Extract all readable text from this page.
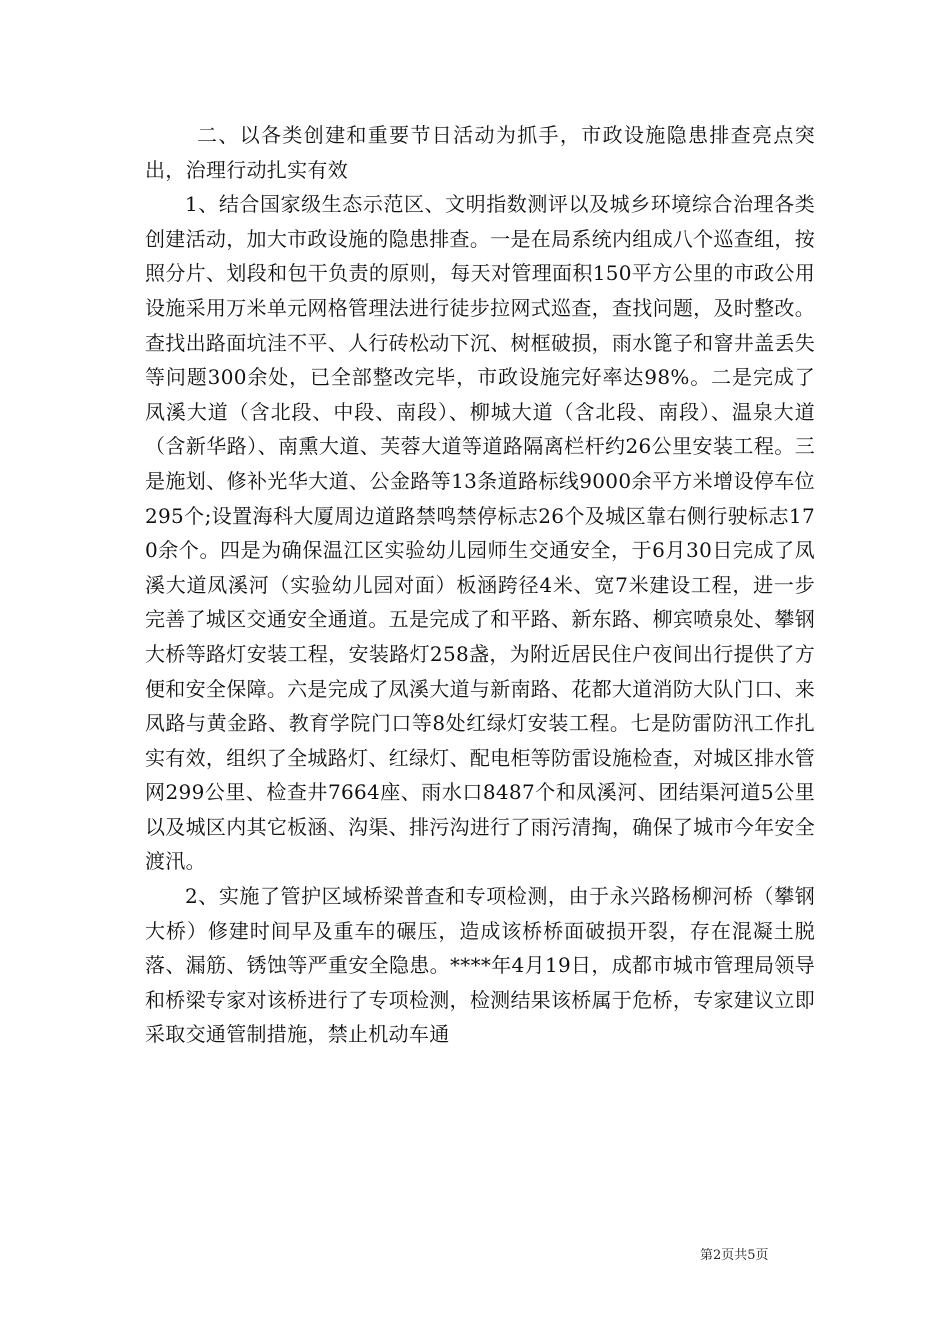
二、以各类创建和重要节日活动为抓手，市政设施隐患排查亮点突出，治理行动扎实有效

1、结合国家级生态示范区、文明指数测评以及城乡环境综合治理各类创建活动，加大市政设施的隐患排查。一是在局系统内组成八个巡查组，按照分片、划段和包干负责的原则，每天对管理面积150平方公里的市政公用设施采用万米单元网格管理法进行徒步拉网式巡查，查找问题，及时整改。查找出路面坑洼不平、人行砖松动下沉、树框破损，雨水篦子和窨井盖丢失等问题300余处，已全部整改完毕，市政设施完好率达98%。二是完成了凤溪大道（含北段、中段、南段）、柳城大道（含北段、南段）、温泉大道（含新华路）、南熏大道、芙蓉大道等道路隔离栏杆约26公里安装工程。三是施划、修补光华大道、公金路等13条道路标线9000余平方米增设停车位295个;设置海科大厦周边道路禁鸣禁停标志26个及城区靠右侧行驶标志170余个。四是为确保温江区实验幼儿园师生交通安全，于6月30日完成了凤溪大道凤溪河（实验幼儿园对面）板涵跨径4米、宽7米建设工程，进一步完善了城区交通安全通道。五是完成了和平路、新东路、柳宾喷泉处、攀钢大桥等路灯安装工程，安装路灯258盏，为附近居民住户夜间出行提供了方便和安全保障。六是完成了凤溪大道与新南路、花都大道消防大队门口、来凤路与黄金路、教育学院门口等8处红绿灯安装工程。七是防雷防汛工作扎实有效，组织了全城路灯、红绿灯、配电柜等防雷设施检查，对城区排水管网299公里、检查井7664座、雨水口8487个和凤溪河、团结渠河道5公里以及城区内其它板涵、沟渠、排污沟进行了雨污清掏，确保了城市今年安全渡汛。

2、实施了管护区域桥梁普查和专项检测，由于永兴路杨柳河桥（攀钢大桥）修建时间早及重车的碾压，造成该桥桥面破损开裂，存在混凝土脱落、漏筋、锈蚀等严重安全隐患。****年4月19日，成都市城市管理局领导和桥梁专家对该桥进行了专项检测，检测结果该桥属于危桥，专家建议立即采取交通管制措施，禁止机动车通

第2页共5页
